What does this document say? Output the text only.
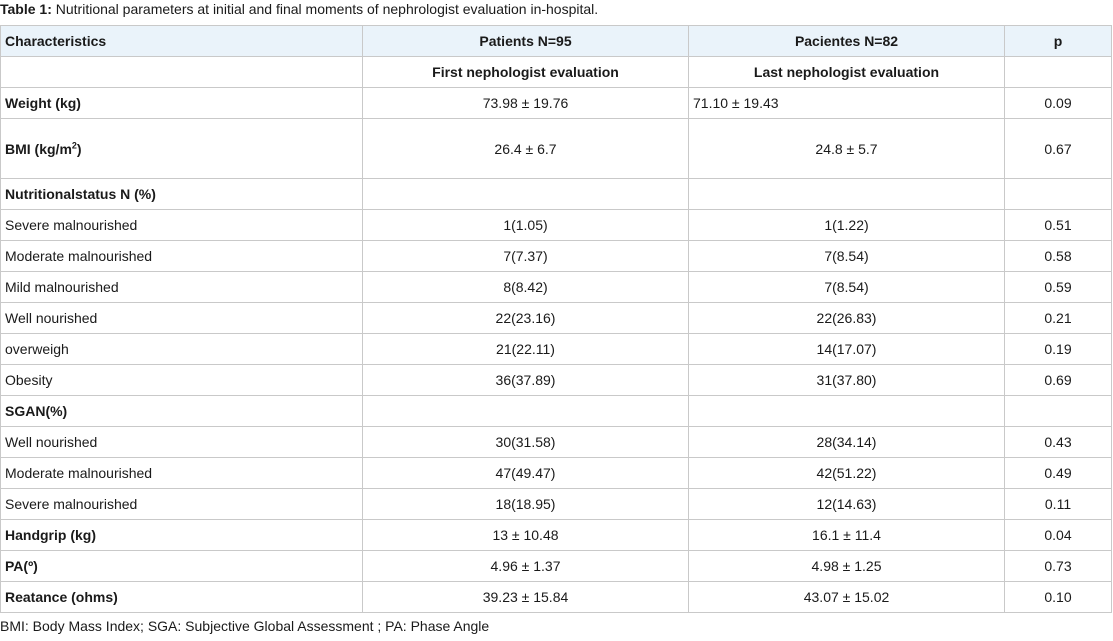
Table 1: Nutritional parameters at initial and final moments of nephrologist evaluation in-hospital.
Characteristics	Patients N=95	Pacientes N=82	p
	First nephologist evaluation	Last nephologist evaluation	
Weight (kg)	73.98 ± 19.76	71.10 ± 19.43	0.09
BMI $(kg/m^2)$	26.4 ± 6.7	24.8 ± 5.7	0.67
Nutritionalstatus N (%)			
Severe malnourished	1(1.05)	1(1.22)	0.51
Moderate malnourished	7(7.37)	7(8.54)	0.58
Mild malnourished	8(8.42)	7(8.54)	0.59
Well nourished	22(23.16)	22(26.83)	0.21
overweigh	21(22.11)	14(17.07)	0.19
Obesity	36(37.89)	31(37.80)	0.69
SGAN(%)			
Well nourished	30(31.58)	28(34.14)	0.43
Moderate malnourished	47(49.47)	42(51.22)	0.49
Severe malnourished	18(18.95)	12(14.63)	0.11
Handgrip (kg)	13 ± 10.48	16.1 ± 11.4	0.04
PA(º)	4.96 ± 1.37	4.98 ± 1.25	0.73
Reatance (ohms)	39.23 ± 15.84	43.07 ± 15.02	0.10
BMI: Body Mass Index; SGA: Subjective Global Assessment ; PA: Phase Angle
